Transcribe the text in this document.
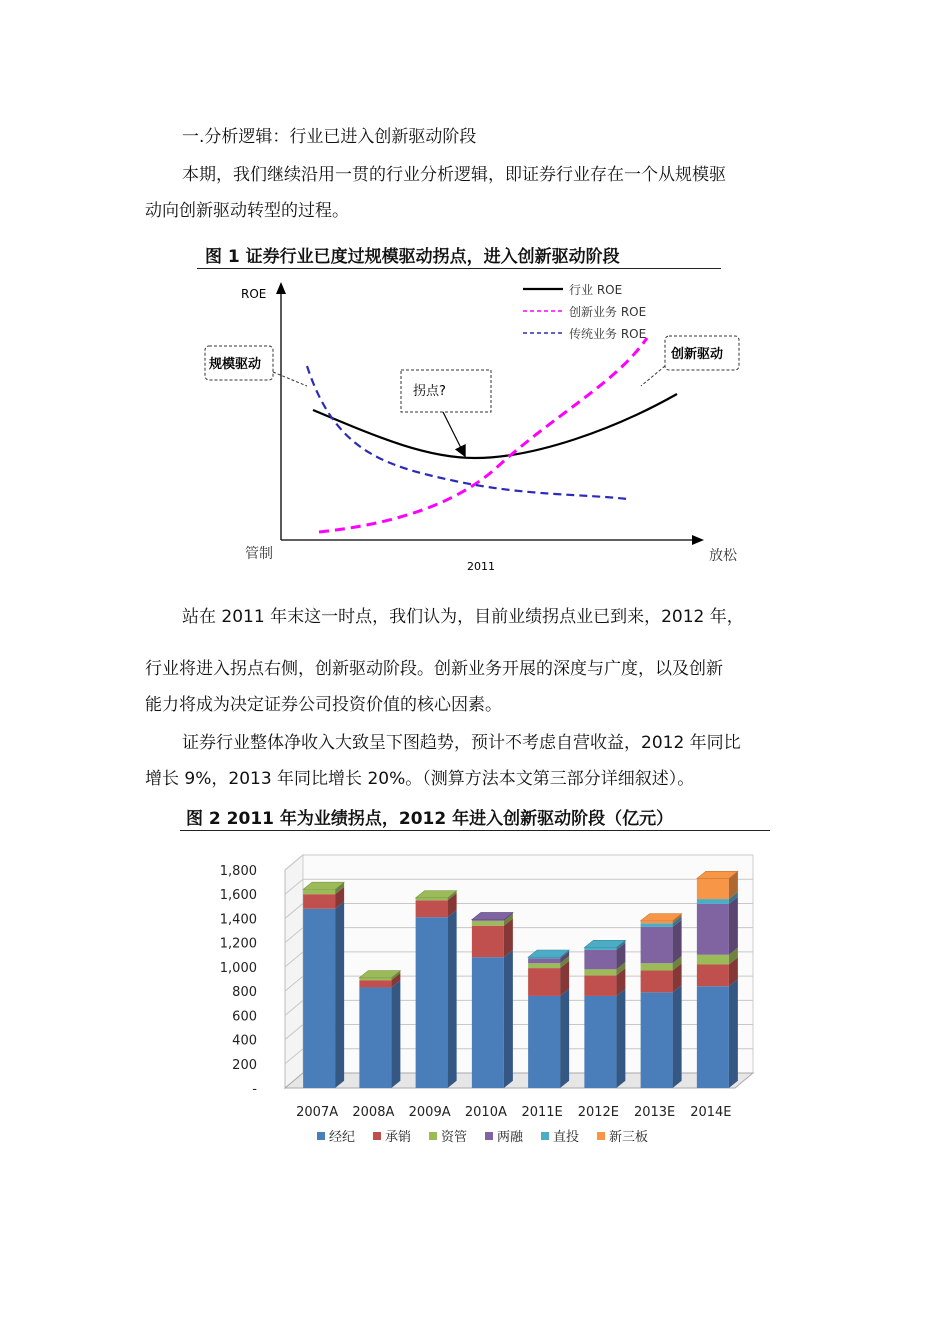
一.分析逻辑：行业已进入创新驱动阶段
本期，我们继续沿用一贯的行业分析逻辑，即证券行业存在一个从规模驱
动向创新驱动转型的过程。
图 1 证券行业已度过规模驱动拐点，进入创新驱动阶段
ROE
管制	放松
2011
行业 ROE
创新业务 ROE
传统业务 ROE
规模驱动
创新驱动
拐点?
站在 2011 年末这一时点，我们认为，目前业绩拐点业已到来，2012 年，
行业将进入拐点右侧，创新驱动阶段。创新业务开展的深度与广度，以及创新
能力将成为决定证券公司投资价值的核心因素。
证券行业整体净收入大致呈下图趋势，预计不考虑自营收益，2012 年同比
增长 9%，2013 年同比增长 20%。（测算方法本文第三部分详细叙述）。
图 2 2011 年为业绩拐点，2012 年进入创新驱动阶段（亿元）
-
200
400
600
800
1,000
1,200
1,400
1,600
1,800
2007A 2008A 2009A 2010A 2011E 2012E 2013E 2014E
经纪 承销 资管 两融 直投 新三板
